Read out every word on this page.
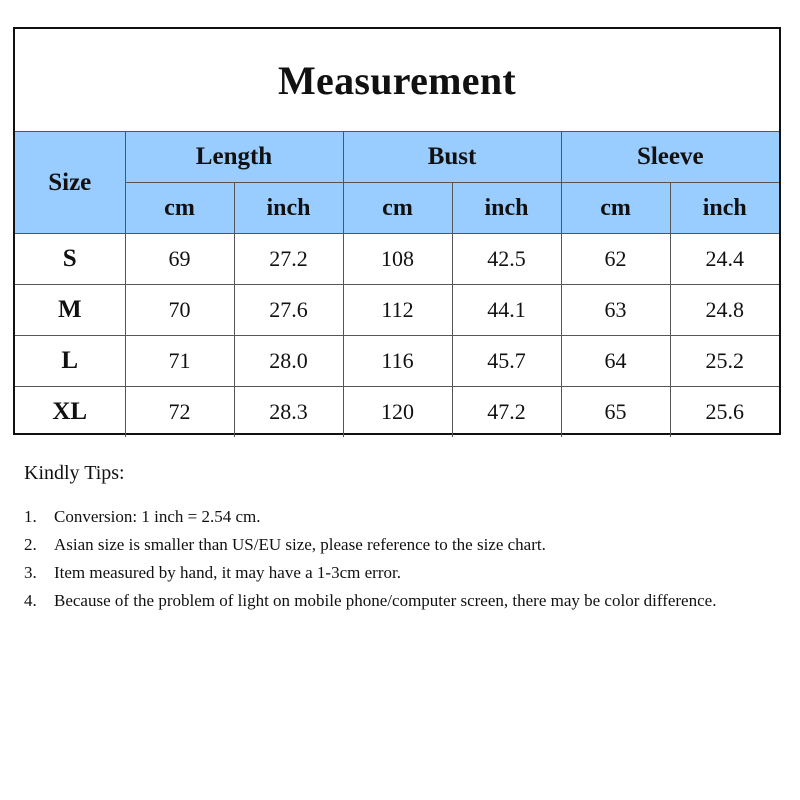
Measurement
Size	Length		Bust		Sleeve	
	cm	inch	cm	inch	cm	inch
S	69	27.2	108	42.5	62	24.4
M	70	27.6	112	44.1	63	24.8
L	71	28.0	116	45.7	64	25.2
XL	72	28.3	120	47.2	65	25.6
Kindly Tips:
1.	Conversion: 1 inch = 2.54 cm.
2.	Asian size is smaller than US/EU size, please reference to the size chart.
3.	Item measured by hand, it may have a 1-3cm error.
4.	Because of the problem of light on mobile phone/computer screen, there may be color difference.
